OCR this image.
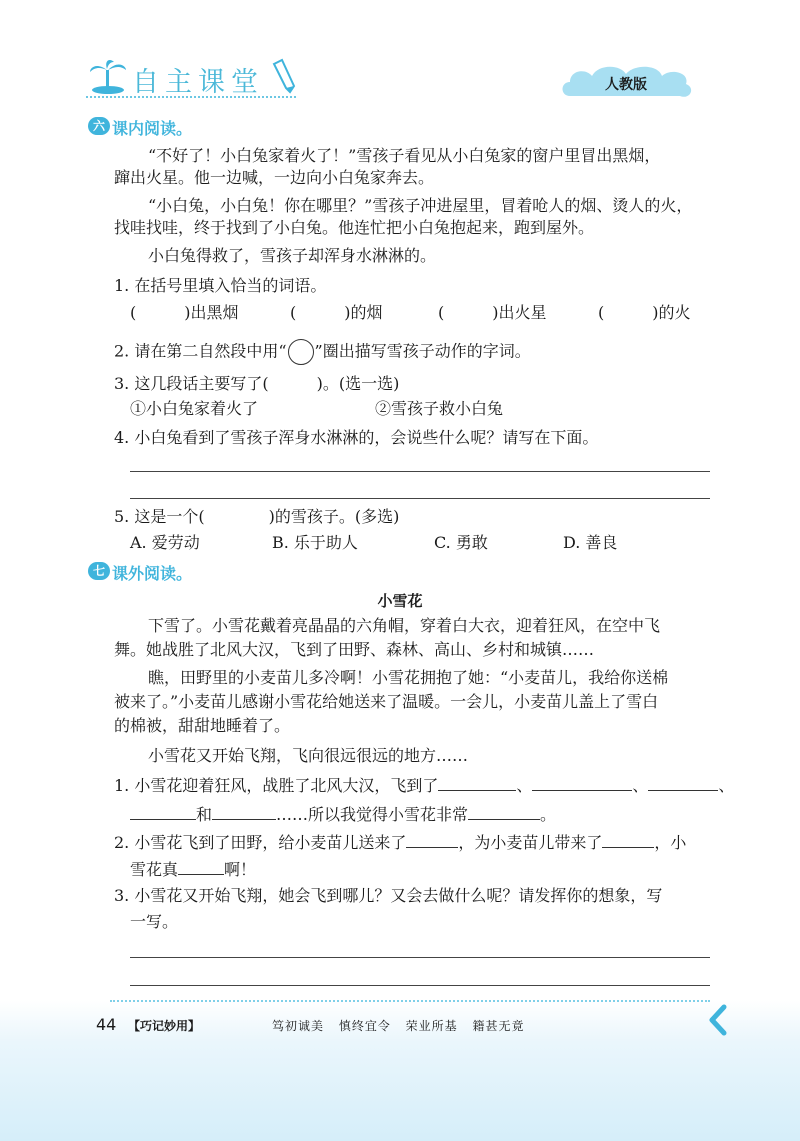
自主课堂	人教版
六 课内阅读。
“不好了！小白兔家着火了！”雪孩子看见从小白兔家的窗户里冒出黑烟，
蹿出火星。他一边喊，一边向小白兔家奔去。
“小白兔，小白兔！你在哪里？”雪孩子冲进屋里，冒着呛人的烟、烫人的火，
找哇找哇，终于找到了小白兔。他连忙把小白兔抱起来，跑到屋外。
小白兔得救了，雪孩子却浑身水淋淋的。
1. 在括号里填入恰当的词语。
(　　　)出黑烟	(　　　)的烟	(　　　)出火星	(　　　)的火
2. 请在第二自然段中用“○”圈出描写雪孩子动作的字词。
3. 这几段话主要写了(　　　)。(选一选)
①小白兔家着火了	②雪孩子救小白兔
4. 小白兔看到了雪孩子浑身水淋淋的，会说些什么呢？请写在下面。
5. 这是一个(　　　　)的雪孩子。(多选)
A. 爱劳动	B. 乐于助人	C. 勇敢	D. 善良
七 课外阅读。
小雪花
下雪了。小雪花戴着亮晶晶的六角帽，穿着白大衣，迎着狂风，在空中飞
舞。她战胜了北风大汉，飞到了田野、森林、高山、乡村和城镇……
瞧，田野里的小麦苗儿多冷啊！小雪花拥抱了她：“小麦苗儿，我给你送棉
被来了。”小麦苗儿感谢小雪花给她送来了温暖。一会儿，小麦苗儿盖上了雪白
的棉被，甜甜地睡着了。
小雪花又开始飞翔，飞向很远很远的地方……
1. 小雪花迎着狂风，战胜了北风大汉，飞到了	、	、	、
和	……所以我觉得小雪花非常	。
2. 小雪花飞到了田野，给小麦苗儿送来了	，为小麦苗儿带来了	，小
雪花真	啊！
3. 小雪花又开始飞翔，她会飞到哪儿？又会去做什么呢？请发挥你的想象，写
一写。
44 【巧记妙用】	笃初诚美 慎终宜令 荣业所基 籍甚无竟
